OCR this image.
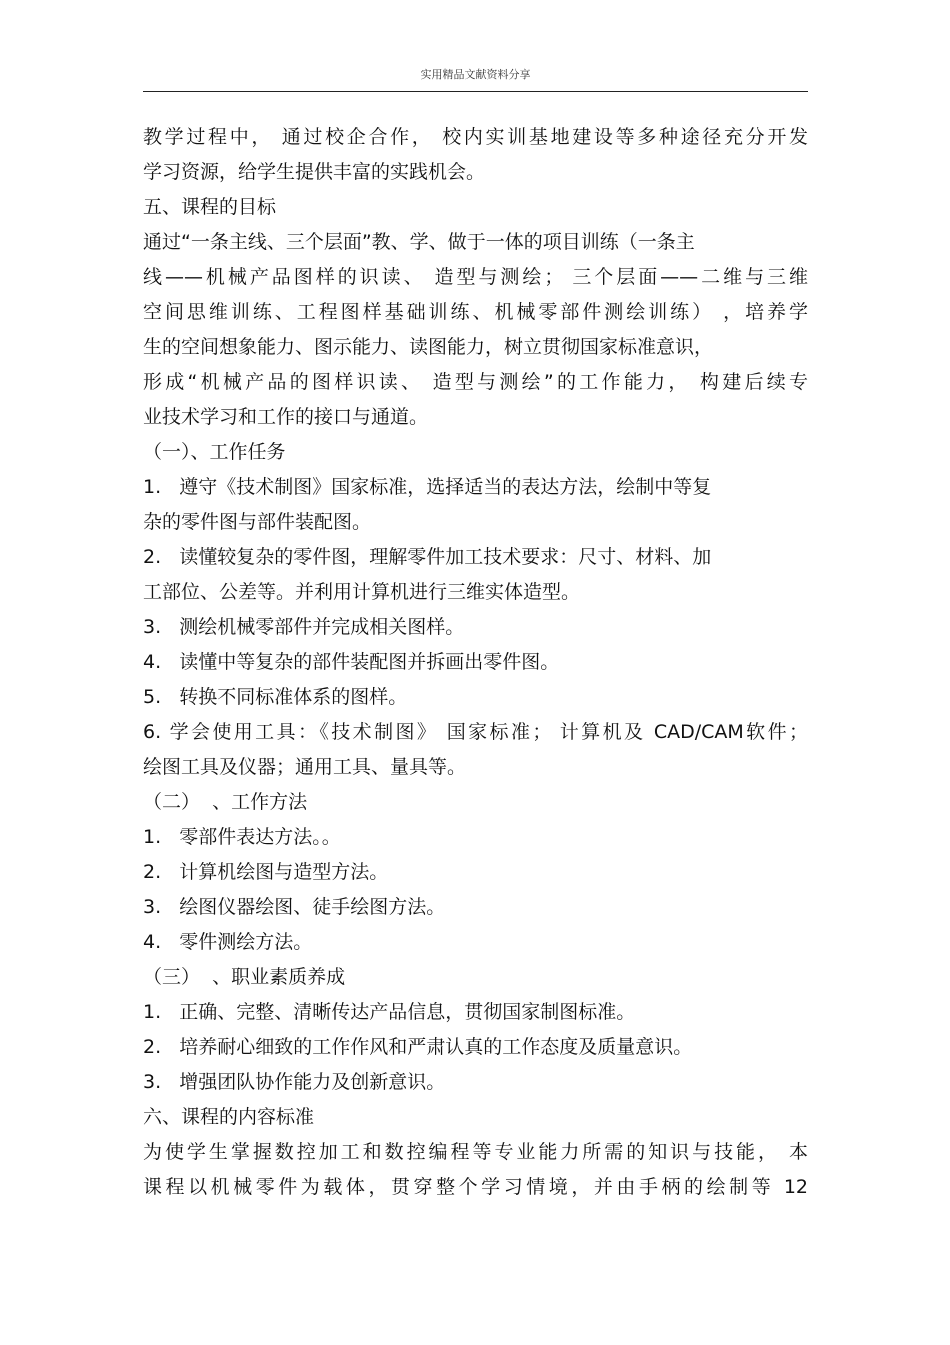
实用精品文献资料分享
教学过程中， 通过校企合作， 校内实训基地建设等多种途径充分开发
学习资源，给学生提供丰富的实践机会。
五、课程的目标
通过“一条主线、三个层面”教、学、做于一体的项目训练（一条主
线——机械产品图样的识读、 造型与测绘； 三个层面——二维与三维
空间思维训练、工程图样基础训练、机械零部件测绘训练） ，培养学
生的空间想象能力、图示能力、读图能力，树立贯彻国家标准意识，
形成“机械产品的图样识读、 造型与测绘”的工作能力， 构建后续专
业技术学习和工作的接口与通道。
（一）、工作任务
1.   遵守《技术制图》国家标准，选择适当的表达方法，绘制中等复
杂的零件图与部件装配图。
2.   读懂较复杂的零件图，理解零件加工技术要求：尺寸、材料、加
工部位、公差等。并利用计算机进行三维实体造型。
3.   测绘机械零部件并完成相关图样。
4.   读懂中等复杂的部件装配图并拆画出零件图。
5.   转换不同标准体系的图样。
6. 学会使用工具：《技术制图》 国家标准； 计算机及 CAD/CAM软件；
绘图工具及仪器；通用工具、量具等。
（二）  、工作方法
1.   零部件表达方法。。
2.   计算机绘图与造型方法。
3.   绘图仪器绘图、徒手绘图方法。
4.   零件测绘方法。
（三）  、职业素质养成
1.   正确、完整、清晰传达产品信息，贯彻国家制图标准。
2.   培养耐心细致的工作作风和严肃认真的工作态度及质量意识。
3.   增强团队协作能力及创新意识。
六、课程的内容标准
为使学生掌握数控加工和数控编程等专业能力所需的知识与技能， 本
课程以机械零件为载体，贯穿整个学习情境，并由手柄的绘制等 12
